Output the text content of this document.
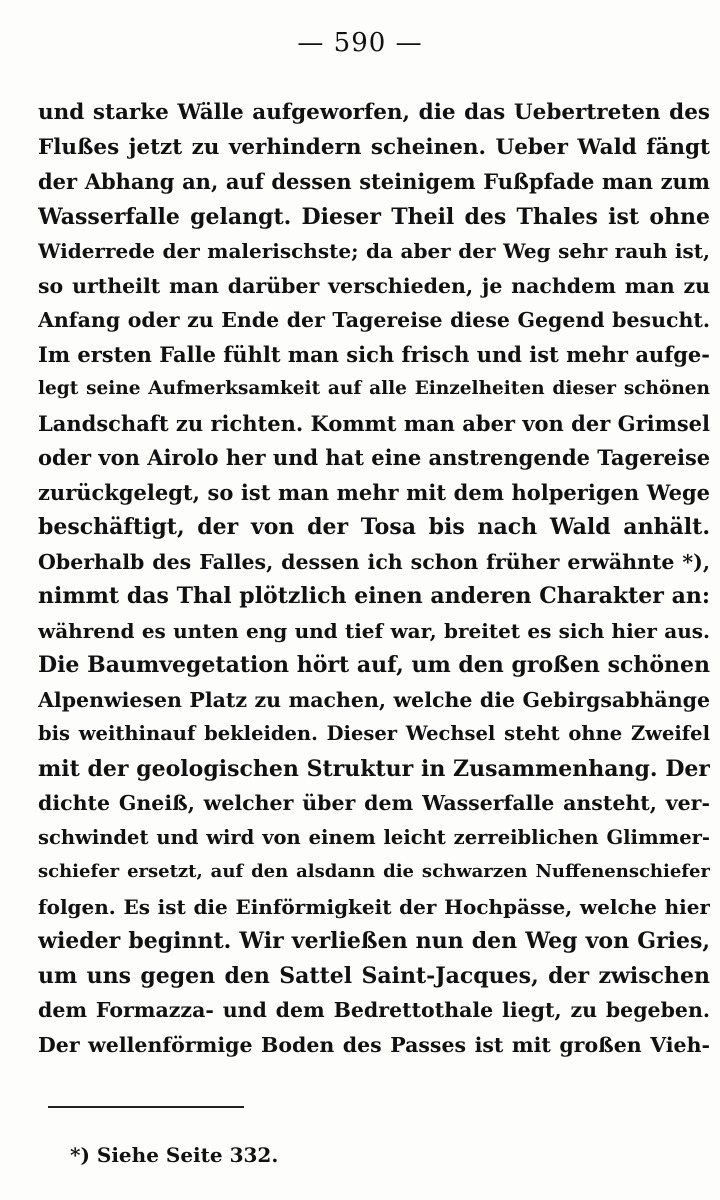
— 590 —
und starke Wälle aufgeworfen, die das Uebertreten des
Flußes jetzt zu verhindern scheinen. Ueber Wald fängt
der Abhang an, auf dessen steinigem Fußpfade man zum
Wasserfalle gelangt. Dieser Theil des Thales ist ohne
Widerrede der malerischste; da aber der Weg sehr rauh ist,
so urtheilt man darüber verschieden, je nachdem man zu
Anfang oder zu Ende der Tagereise diese Gegend besucht.
Im ersten Falle fühlt man sich frisch und ist mehr aufge-
legt seine Aufmerksamkeit auf alle Einzelheiten dieser schönen
Landschaft zu richten. Kommt man aber von der Grimsel
oder von Airolo her und hat eine anstrengende Tagereise
zurückgelegt, so ist man mehr mit dem holperigen Wege
beschäftigt, der von der Tosa bis nach Wald anhält.
Oberhalb des Falles, dessen ich schon früher erwähnte *),
nimmt das Thal plötzlich einen anderen Charakter an:
während es unten eng und tief war, breitet es sich hier aus.
Die Baumvegetation hört auf, um den großen schönen
Alpenwiesen Platz zu machen, welche die Gebirgsabhänge
bis weithinauf bekleiden. Dieser Wechsel steht ohne Zweifel
mit der geologischen Struktur in Zusammenhang. Der
dichte Gneiß, welcher über dem Wasserfalle ansteht, ver-
schwindet und wird von einem leicht zerreiblichen Glimmer-
schiefer ersetzt, auf den alsdann die schwarzen Nuffenenschiefer
folgen. Es ist die Einförmigkeit der Hochpässe, welche hier
wieder beginnt. Wir verließen nun den Weg von Gries,
um uns gegen den Sattel Saint-Jacques, der zwischen
dem Formazza- und dem Bedrettothale liegt, zu begeben.
Der wellenförmige Boden des Passes ist mit großen Vieh-
*) Siehe Seite 332.
